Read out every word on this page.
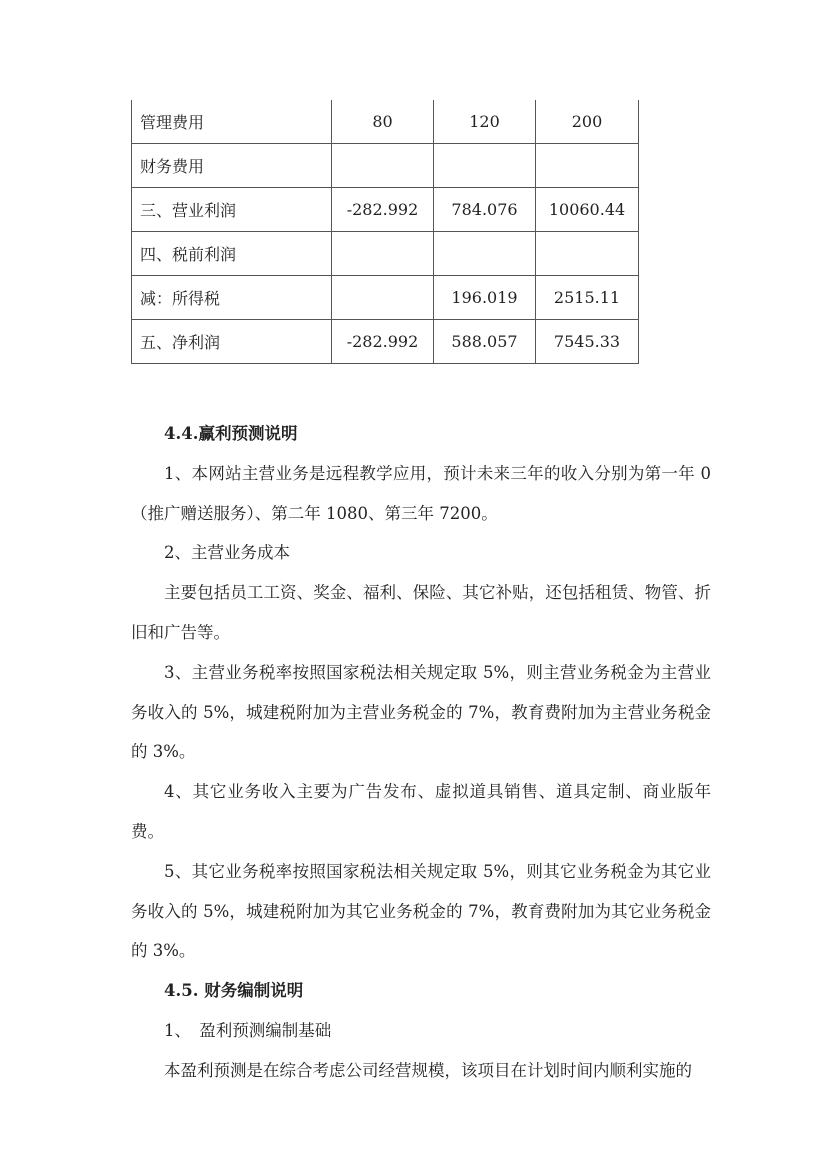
管理费用	80	120	200
财务费用			
三、营业利润	-282.992	784.076	10060.44
四、税前利润			
减：所得税		196.019	2515.11
五、净利润	-282.992	588.057	7545.33
4.4.赢利预测说明

1、本网站主营业务是远程教学应用，预计未来三年的收入分别为第一年 0（推广赠送服务）、第二年 1080、第三年 7200。

2、主营业务成本

主要包括员工工资、奖金、福利、保险、其它补贴，还包括租赁、物管、折旧和广告等。

3、主营业务税率按照国家税法相关规定取 5%，则主营业务税金为主营业务收入的 5%，城建税附加为主营业务税金的 7%，教育费附加为主营业务税金的 3%。

4、其它业务收入主要为广告发布、虚拟道具销售、道具定制、商业版年费。

5、其它业务税率按照国家税法相关规定取 5%，则其它业务税金为其它业务收入的 5%，城建税附加为其它业务税金的 7%，教育费附加为其它业务税金的 3%。

4.5. 财务编制说明

1、　盈利预测编制基础

本盈利预测是在综合考虑公司经营规模，该项目在计划时间内顺利实施的
